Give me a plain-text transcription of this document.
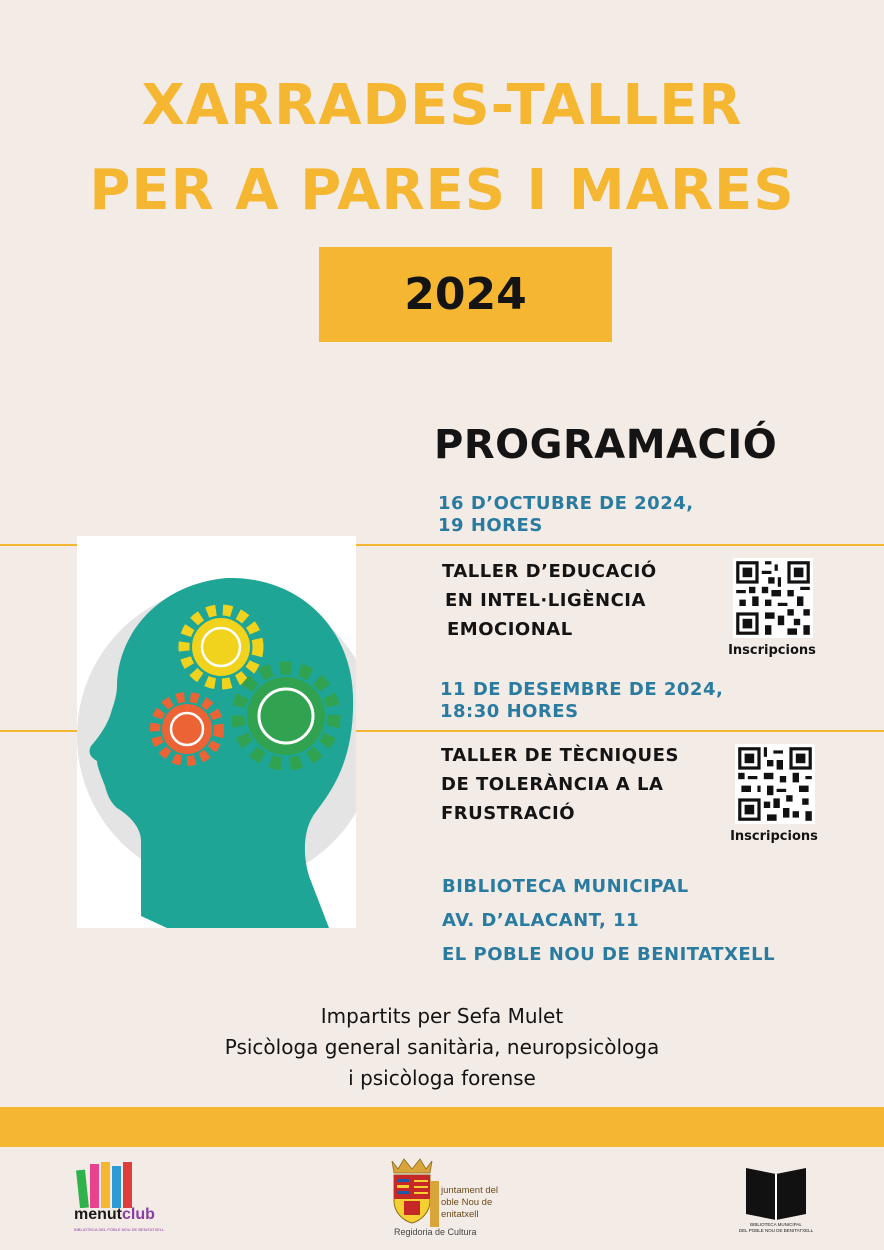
XARRADES-TALLER
PER A PARES I MARES
2024
PROGRAMACIÓ
16 D’OCTUBRE DE 2024,
19 HORES
TALLER D’EDUCACIÓ
EN INTEL·LIGÈNCIA
EMOCIONAL
Inscripcions
11 DE DESEMBRE DE 2024,
18:30 HORES
TALLER DE TÈCNIQUES
DE TOLERÀNCIA A LA
FRUSTRACIÓ
Inscripcions
BIBLIOTECA MUNICIPAL
AV. D’ALACANT, 11
EL POBLE NOU DE BENITATXELL
Impartits per Sefa Mulet
Psicòloga general sanitària, neuropsicòloga
i psicòloga forense
menutclub
BIBLIOTECA DEL POBLE NOU DE BENITATXELL
juntament del
oble Nou de
enitatxell
Regidoria de Cultura
BIBLIOTECA MUNICIPAL
DEL POBLE NOU DE BENITATXELL
